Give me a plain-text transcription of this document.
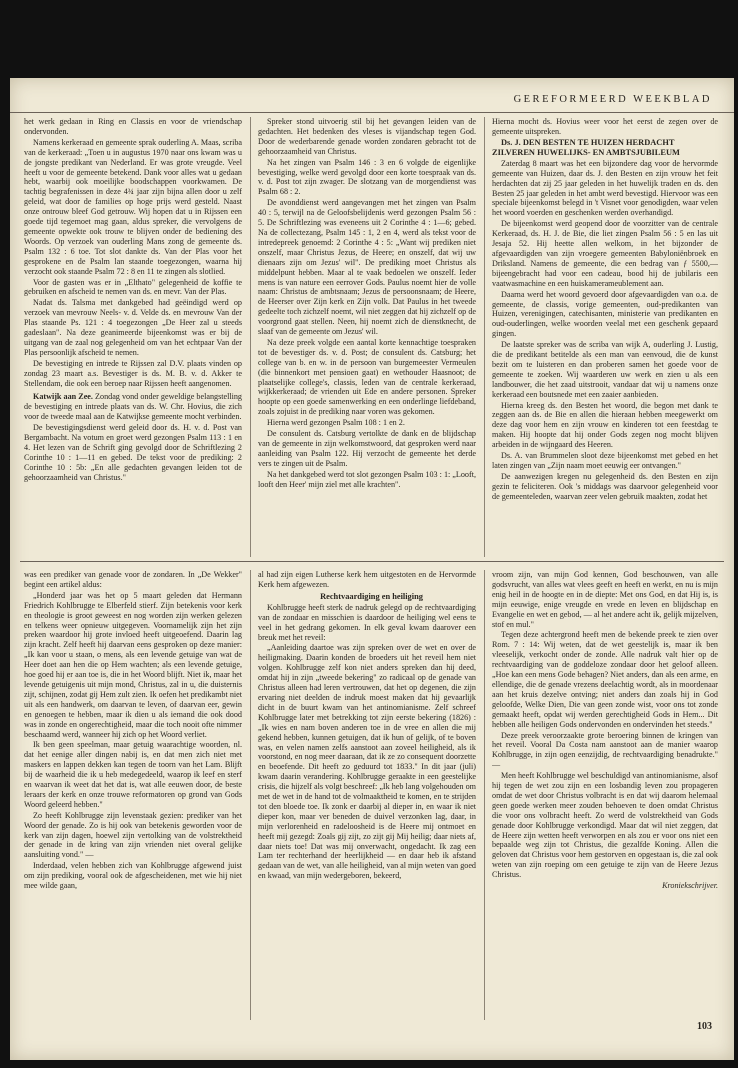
GEREFORMEERD WEEKBLAD

het werk gedaan in Ring en Classis en voor de vriendschap ondervonden.

Namens kerkeraad en gemeente sprak ouderling A. Maas, scriba van de kerkeraad: „Toen u in augustus 1970 naar ons kwam was u de jongste predikant van Nederland. Er was grote vreugde. Veel heeft u voor de gemeente betekend. Dank voor alles wat u gedaan hebt, waarbij ook moeilijke boodschappen voorkwamen. De tachtig begrafenissen in deze 4¾ jaar zijn bijna allen door u zelf geleid, wat door de families op hoge prijs werd gesteld. Naast onze ontrouw bleef God getrouw. Wij hopen dat u in Rijssen een goede tijd tegemoet mag gaan, aldus spreker, die vervolgens de gemeente opwekte ook trouw te blijven onder de bediening des Woords. Op verzoek van ouderling Mans zong de gemeente ds. Psalm 132 : 6 toe. Tot slot dankte ds. Van der Plas voor het gesprokene en de Psalm lan staande toegezongen, waarna hij verzocht ook staande Psalm 72 : 8 en 11 te zingen als slotlied.

Voor de gasten was er in „Elthato" gelegenheid de koffie te gebruiken en afscheid te nemen van ds. en mevr. Van der Plas.

Nadat ds. Talsma met dankgebed had geëindigd werd op verzoek van mevrouw Neels- v. d. Velde ds. en mevrouw Van der Plas staande Ps. 121 : 4 toegezongen „De Heer zal u steeds gadeslaan". Na deze geanimeerde bijeenkomst was er bij de uitgang van de zaal nog gelegenheid om van het echtpaar Van der Plas persoonlijk afscheid te nemen.

De bevestiging en intrede te Rijssen zal D.V. plaats vinden op zondag 23 maart a.s. Bevestiger is ds. M. B. v. d. Akker te Stellendam, die ook een beroep naar Rijssen heeft aangenomen.

Katwijk aan Zee. Zondag vond onder geweldige belangstelling de bevestiging en intrede plaats van ds. W. Chr. Hovius, die zich voor de tweede maal aan de Katwijkse gemeente mocht verbinden.

De bevestigingsdienst werd geleid door ds. H. v. d. Post van Bergambacht. Na votum en groet werd gezongen Psalm 113 : 1 en 4. Het lezen van de Schrift ging gevolgd door de Schriftlezing 2 Corinthe 10 : 1—11 en gebed. De tekst voor de prediking: 2 Corinthe 10 : 5b: „En alle gedachten gevangen leiden tot de gehoorzaamheid van Christus."

Spreker stond uitvoerig stil bij het gevangen leiden van de gedachten. Het bedenken des vleses is vijandschap tegen God. Door de wederbarende genade worden zondaren gebracht tot de gehoorzaamheid van Christus.

Na het zingen van Psalm 146 : 3 en 6 volgde de eigenlijke bevestiging, welke werd gevolgd door een korte toespraak van ds. v. d. Post tot zijn zwager. De slotzang van de morgendienst was Psalm 68 : 2.

De avonddienst werd aangevangen met het zingen van Psalm 40 : 5, terwijl na de Geloofsbelijdenis werd gezongen Psalm 56 : 5. De Schriftlezing was eveneens uit 2 Corinthe 4 : 1—6; gebed. Na de collectezang, Psalm 145 : 1, 2 en 4, werd als tekst voor de intredepreek genoemd: 2 Corinthe 4 : 5: „Want wij prediken niet onszelf, maar Christus Jezus, de Heere; en onszelf, dat wij uw dienaars zijn om Jezus' wil". De prediking moet Christus als middelpunt hebben. Maar al te vaak bedoelen we onszelf. Ieder mens is van nature een eerrover Gods. Paulus noemt hier de volle naam: Christus de ambtsnaam; Jezus de persoonsnaam; de Heere, de Heerser over Zijn kerk en Zijn volk. Dat Paulus in het tweede gedeelte toch zichzelf noemt, wil niet zeggen dat hij zichzelf op de voorgrond gaat stellen. Neen, hij noemt zich de dienstknecht, de slaaf van de gemeente om Jezus' wil.

Na deze preek volgde een aantal korte kennachtige toespraken tot de bevestiger ds. v. d. Post; de consulent ds. Catsburg; het college van b. en w. in de persoon van burgemeester Vermeulen (die binnenkort met pensioen gaat) en wethouder Haasnoot; de plaatselijke college's, classis, leden van de centrale kerkeraad, wijkkerkeraad; de vrienden uit Ede en andere personen. Spreker hoopte op een goede samenwerking en een onderlinge liefdeband, zoals zojuist in de prediking naar voren was gekomen.

Hierna werd gezongen Psalm 108 : 1 en 2.

De consulent ds. Catsburg vertolkte de dank en de blijdschap van de gemeente in zijn welkomstwoord, dat gesproken werd naar aanleiding van Psalm 122. Hij verzocht de gemeente het derde vers te zingen uit de Psalm.

Na het dankgebed werd tot slot gezongen Psalm 103 : 1: „Looft, looft den Heer' mijn ziel met alle krachten".

Hierna mocht ds. Hovius weer voor het eerst de zegen over de gemeente uitspreken.

Ds. J. DEN BESTEN TE HUIZEN HERDACHT ZILVEREN HUWELIJKS- EN AMBTSJUBILEUM

Zaterdag 8 maart was het een bijzondere dag voor de hervormde gemeente van Huizen, daar ds. J. den Besten en zijn vrouw het feit herdachten dat zij 25 jaar geleden in het huwelijk traden en ds. den Besten 25 jaar geleden in het ambt werd bevestigd. Hiervoor was een speciale bijeenkomst belegd in 't Visnet voor genodigden, waar velen het woord voerden en geschenken werden overhandigd.

De bijeenkomst werd geopend door de voorzitter van de centrale Kerkeraad, ds. H. J. de Bie, die liet zingen Psalm 56 : 5 en las uit Jesaja 52. Hij heette allen welkom, in het bijzonder de afgevaardigden van zijn vroegere gemeenten Babyloniënbroek en Driksland. Namens de gemeente, die een bedrag van ƒ 5500,— bijeengebracht had voor een cadeau, bood hij de jubilaris een vaatwasmachine en een huiskamerameublement aan.

Daarna werd het woord gevoerd door afgevaardigden van o.a. de gemeente, de classis, vorige gemeenten, oud-predikanten van Huizen, verenigingen, catechisanten, ministerie van predikanten en oud-ouderlingen, welke woorden veelal met een geschenk gepaard gingen.

De laatste spreker was de scriba van wijk A, ouderling J. Lustig, die de predikant betitelde als een man van eenvoud, die de kunst bezit om te luisteren en dan proberen samen het goede voor de gemeente te zoeken. Wij waarderen uw werk en zien u als een landbouwer, die het zaad uitstrooit, vandaar dat wij u namens onze kerkeraad een boutsnede met een zaaier aanbieden.

Hierna kreeg ds. den Besten het woord, die begon met dank te zeggen aan ds. de Bie en allen die hieraan hebben meegewerkt om deze dag voor hem en zijn vrouw en kinderen tot een feestdag te maken. Hij hoopte dat hij onder Gods zegen nog mocht blijven arbeiden in de wijngaard des Heeren.

Ds. A. van Brummelen sloot deze bijeenkomst met gebed en het laten zingen van „Zijn naam moet eeuwig eer ontvangen."

De aanwezigen kregen nu gelegenheid ds. den Besten en zijn gezin te feliciteren. Ook 's middags was daarvoor gelegenheid voor de gemeenteleden, waarvan zeer velen gebruik maakten, zodat het

was een prediker van genade voor de zondaren. In „De Wekker" begint een artikel aldus:

„Honderd jaar was het op 5 maart geleden dat Hermann Friedrich Kohlbrugge te Elberfeld stierf. Zijn betekenis voor kerk en theologie is groot geweest en nog worden zijn werken gelezen en telkens weer opnieuw uitgegeven. Voornamelijk zijn het zijn preken waardoor hij grote invloed heeft uitgeoefend. Daarin lag zijn kracht. Zelf heeft hij daarvan eens gesproken op deze manier: „Ik kan voor u staan, o mens, als een levende getuige van wat de Heer doet aan hen die op Hem wachten; als een levende getuige, hoe goed hij er aan toe is, die in het Woord blijft. Niet ik, maar het levende getuigenis uit mijn mond, Christus, zal in u, die duisternis zijt, schijnen, zodat gij Hem zult zien. Ik oefen het predikambt niet uit als een handwerk, om daarvan te leven, of daarvan eer, gewin en genoegen te hebben, maar ik dien u als iemand die ook dood was in zonde en ongerechtigheid, maar die toch nooit ofte nimmer beschaamd werd, wanneer hij zich op het Woord verliet.

Ik ben geen speelman, maar getuig waarachtige woorden, nl. dat het eenige aller dingen nabij is, en dat men zich niet met maskers en lappen dekken kan tegen de toorn van het Lam. Blijft bij de waarheid die ik u heb medegedeeld, waarop ik leef en sterf en waarvan ik weet dat het dat is, wat alle eeuwen door, de beste leraars der kerk en onze trouwe reformatoren op grond van Gods Woord geleerd hebben."

Zo heeft Kohlbrugge zijn levenstaak gezien: prediker van het Woord der genade. Zo is hij ook van betekenis geworden voor de kerk van zijn dagen, hoewel zijn vertolking van de volstrektheid der genade in de kring van zijn vrienden niet overal gelijke aansluiting vond." —

Inderdaad, velen hebben zich van Kohlbrugge afgewend juist om zijn prediking, vooral ook de afgescheidenen, met wie hij niet mee wilde gaan,

al had zijn eigen Lutherse kerk hem uitgestoten en de Hervormde Kerk hem afgewezen.

Rechtvaardiging en heiliging

Kohlbrugge heeft sterk de nadruk gelegd op de rechtvaardiging van de zondaar en misschien is daardoor de heiliging wel eens te veel in het gedrang gekomen. In elk geval kwam daarover een breuk met het reveil:

„Aanleiding daartoe was zijn spreken over de wet en over de heiligmaking. Daarin konden de broeders uit het reveil hem niet volgen. Kohlbrugge zelf kon niet anders spreken dan hij deed, omdat hij in zijn „tweede bekering" zo radicaal op de genade van Christus alleen had leren vertrouwen, dat het op degenen, die zijn ervaring niet deelden de indruk moest maken dat hij gevaarlijk dicht in de buurt kwam van het antinomianisme. Zelf schreef Kohlbrugge later met betrekking tot zijn eerste bekering (1826) :„Ik wies en nam boven anderen toe in de vree en allen die mij gekend hebben, kunnen getuigen, dat ik hun of gelijk, of te boven was, en velen namen zelfs aanstoot aan zoveel heiligheid, als ik voorstond, en nog meer daaraan, dat ik ze zo consequent doorzette en beoefende. Dit heeft zo geduurd tot 1833." In dit jaar (juli) kwam daarin verandering. Kohlbrugge geraakte in een geestelijke crisis, die hijzelf als volgt beschreef: „Ik heb lang volgehouden om met de wet in de hand tot de volmaaktheid te komen, en te strijden tot den bloede toe. Ik zonk er daarbij al dieper in, en waar ik niet dieper kon, maar ver beneden de duivel verzonken lag, daar, in mijn verlorenheid en radeloosheid is de Heere mij ontmoet en heeft mij gezegd: Zoals gij zijt, zo zijt gij Mij heilig; daar niets af, daar niets toe! Dat was mij onverwacht, ongedacht. Ik zag een Lam ter rechterhand der heerlijkheid — en daar heb ik afstand gedaan van de wet, van alle heiligheid, van al mijn weten van goed en kwaad, van mijn wedergeboren, bekeerd,

vroom zijn, van mijn God kennen, God beschouwen, van alle godsvrucht, van alles wat vlees geeft en heeft en werkt, en nu is mijn enig heil in de hoogte en in de diepte: Met ons God, en dat Hij is, is mijn eeuwige, enige vreugde en vrede en leven en blijdschap en Evangelie en wet en gebod, — al het andere acht ik, gelijk mijzelven, stof en mul."

Tegen deze achtergrond heeft men de bekende preek te zien over Rom. 7 : 14: Wij weten, dat de wet geestelijk is, maar ik ben vleeselijk, verkocht onder de zonde. Alle nadruk valt hier op de rechtvaardiging van de goddeloze zondaar door het geloof alleen. „Hoe kan een mens Gode behagen? Niet anders, dan als een arme, en ellendige, die de genade vrezens deelachtig wordt, als in moordenaar aan het kruis dezelve ontving; niet anders dan zoals hij in God geloofde, Welke Dien, Die van geen zonde wist, voor ons tot zonde gemaakt heeft, opdat wij werden gerechtigheid Gods in Hem... Dit hebben alle heiligen Gods ondervonden en ondervinden het steeds."

Deze preek veroorzaakte grote beroering binnen de kringen van het reveil. Vooral Da Costa nam aanstoot aan de manier waarop Kohlbrugge, in zijn ogen eenzijdig, de rechtvaardiging benadrukte." —

Men heeft Kohlbrugge wel beschuldigd van antinomianisme, alsof hij tegen de wet zou zijn en een losbandig leven zou propageren omdat de wet door Christus volbracht is en dat wij daarom helemaal geen goede werken meer zouden behoeven te doen omdat Christus die voor ons volbracht heeft. Zo werd de volstrektheid van Gods genade door Kohlbrugge verkondigd. Maar dat wil niet zeggen, dat de Heere zijn wetten heeft verworpen en als zou er voor ons niet een bepaalde weg zijn tot Christus, die gezalfde Koning. Allen die geloven dat Christus voor hem gestorven en opgestaan is, die zal ook weten van zijn roeping om een getuige te zijn van de Heere Jezus Christus.

Kroniekschrijver.

103
